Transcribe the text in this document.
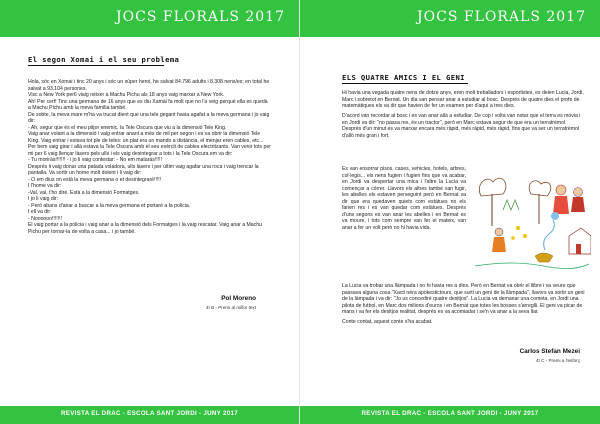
JOCS FLORALS 2017
El segon Xomai i el seu problema

Hola, sóc en Xomai i tinc 20 anys i sóc un súper heroi, he salvat 84.796 adults i 8.308 nens/es; en total he salvat a 93.104 persones.

Visc a New York per6 viaig néixer a Machu Pichu als 18 anys vaig marxar a New York.

Ah! Per cert! Tinc una germana de 16 anys que es diu Xamài fa molt que no l'a veig perquè ella es quedà a Machu Pichu amb la meva família també.

De sobte, la meva mare m'ha va trucat dient que una tele gegant havia agafat a la meva germana i jo vaig dir:

- Ah, segur que és el meu pitjor enemic, la Tele Oscura que viu a la dimensió Tele King.

Vaig anar volant a la dimensió i vaig entrar anant a més de mil per segon i es va obrir la dimensió Tele King. Vaig entrar i estava tot ple de teles: un plat era un mando a distància, el menjar eren cables, etc... Per bem vaig girar i allà estava la Tele Oscura amb el seu exèrcit de cables electritzants. Van venir tots per mi per 6 vaig llençar làsers pels ulls i els vaig desintegrar a tots i la Tele Oscura em va dir:

- Tu moriràs!!!!!!! - i jo li vaig contestar: - No em mataràs!!!!!

Després li vaig donar una patada voladora, ulls làsers i per últim vaig agafar una roca i vaig trencar la pantalla. Va sortir un home molt dolent i li vaig dir:

- O em dius on està la meva germana o et desintegraré!!!!!

I l'home va dir:

-Val, val, t'ho diré. Està a la dimensió Formatges.

I jo li vaig dir:

- Però abans d'anar a buscar a la meva germana et portaré a la policia.

I ell va dir:

- Noooooo!!!!!!!

El vaig portar a la policia i vaig anar a la dimensió dels Formatges i la vaig rescatar. Vaig anar a Machu Pichu per tornar-la de volta a casa... i jo també.

Pol Moreno
4t B - Premi al millor text
REVISTA EL DRAC - ESCOLA SANT JORDI - JUNY 2017
JOCS FLORALS 2017
ELS QUATRE AMICS I EL GENI

Hi havia una vegada quatre nens de dotze anys, eren molt treballadors i esportistes, es deien Lucia, Jordi, Marc i sobretot en Bernat. Un dia van pensar anar a estudiar al bosc. Després de quatre dies el profe de matemàtiques els va dir que havien de fer un examen per d'aquí a tres dies.

D'acord van recordar al bosc i es van anar allà a estudiar. De cop i volta van notar que el terra es movia i en Jordi va dir: "no passa res, és un tractor", però en Marc estava segur de que era un terratrèmol. Després d'un minut es va marxar encara més ràpid, més ràpid, més ràpid, fins que va ser un terratrèmol d'allò més gran i fort.

Es van ensorrar pisos, cases, vehicles, hotels, arbres, col·legis... els nens fugien i fugien fins que va acabar, en Jordi va despertar una mica i l'altre la Lucia va començar a córrer. Llavors els altres també van fugir, les abelles els estaven perseguint però en Bernat va dir que era quedaven quiets com estàtues no els farien res i es van quedar com estàtues. Després d'uns segons es van anar les abelles i en Bernat es va moure, i tots com sempre van fer el mateix, van anar a fer un volt però no hi havia vida.

La Lucia va trobar una llàmpada i no hi havia res a dins. Però en Bernat va obrir el llibre i va veure que passava alguna cosa "Xacti néra apokestictours, que surti un geni de la llàmpada", llavors va sortir un geni de la làmpada i va dir: "Jo us concediré quatre desitjos". La Lucia va demanar una cometa, en Jordi una pilota de futbol, en Marc dos milions d'euros i en Bernat que totes les bosses s'arreglli. El geni va picar de mans i va fer els desitjos realitat, després es va acomiadar i se'n va anar a la seva llar.

Conte contat, aquest conte s'ha acabat.

Carlos Stefan Mezei
4t C - Premi a l'esforç
REVISTA EL DRAC - ESCOLA SANT JORDI - JUNY 2017
